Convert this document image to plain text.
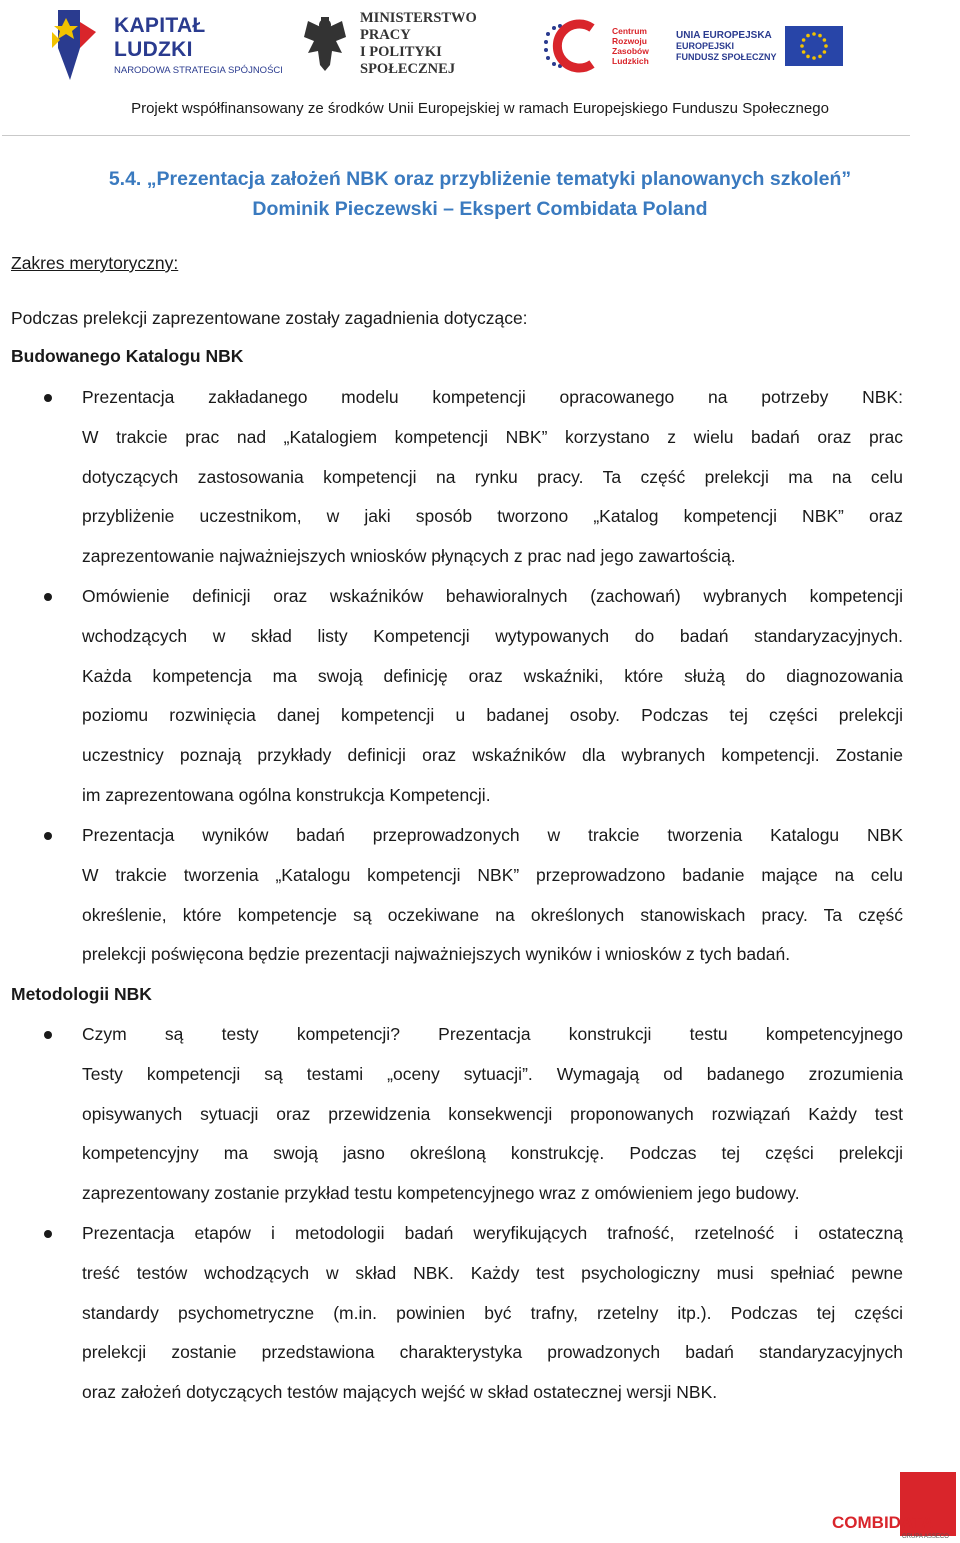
KAPITAŁ LUDZKI
NARODOWA STRATEGIA SPÓJNOŚCI
MINISTERSTWO PRACY
I POLITYKI SPOŁECZNEJ
Centrum
Rozwoju
Zasobów
Ludzkich
UNIA EUROPEJSKA
EUROPEJSKI
FUNDUSZ SPOŁECZNY
Projekt współfinansowany ze środków Unii Europejskiej w ramach Europejskiego Funduszu Społecznego
5.4. „Prezentacja założeń NBK oraz przybliżenie tematyki planowanych szkoleń”
Dominik Pieczewski – Ekspert Combidata Poland
Zakres merytoryczny:
Podczas prelekcji zaprezentowane zostały zagadnienia dotyczące:
Budowanego Katalogu NBK
Prezentacja zakładanego modelu kompetencji opracowanego na potrzeby NBK:
W trakcie prac nad „Katalogiem kompetencji NBK” korzystano z wielu badań oraz prac
dotyczących zastosowania kompetencji na rynku pracy. Ta część prelekcji ma na celu
przybliżenie uczestnikom, w jaki sposób tworzono „Katalog kompetencji NBK” oraz
zaprezentowanie najważniejszych wniosków płynących z prac nad jego zawartością.
Omówienie definicji oraz wskaźników behawioralnych (zachowań) wybranych kompetencji
wchodzących w skład listy Kompetencji wytypowanych do badań standaryzacyjnych.
Każda kompetencja ma swoją definicję oraz wskaźniki, które służą do diagnozowania
poziomu rozwinięcia danej kompetencji u badanej osoby. Podczas tej części prelekcji
uczestnicy poznają przykłady definicji oraz wskaźników dla wybranych kompetencji. Zostanie
im zaprezentowana ogólna konstrukcja Kompetencji.
Prezentacja wyników badań przeprowadzonych w trakcie tworzenia Katalogu NBK
W trakcie tworzenia „Katalogu kompetencji NBK” przeprowadzono badanie mające na celu
określenie, które kompetencje są oczekiwane na określonych stanowiskach pracy. Ta część
prelekcji poświęcona będzie prezentacji najważniejszych wyników i wniosków z tych badań.
Metodologii NBK
Czym są testy kompetencji? Prezentacja konstrukcji testu kompetencyjnego
Testy kompetencji są testami „oceny sytuacji”. Wymagają od badanego zrozumienia
opisywanych sytuacji oraz przewidzenia konsekwencji proponowanych rozwiązań Każdy test
kompetencyjny ma swoją jasno określoną konstrukcję. Podczas tej części prelekcji
zaprezentowany zostanie przykład testu kompetencyjnego wraz z omówieniem jego budowy.
Prezentacja etapów i metodologii badań weryfikujących trafność, rzetelność i ostateczną
treść testów wchodzących w skład NBK. Każdy test psychologiczny musi spełniać pewne
standardy psychometryczne (m.in. powinien być trafny, rzetelny itp.). Podczas tej części
prelekcji zostanie przedstawiona charakterystyka prowadzonych badań standaryzacyjnych
oraz założeń dotyczących testów mających wejść w skład ostatecznej wersji NBK.
COMBIDATA
GRUPA ASSECO
